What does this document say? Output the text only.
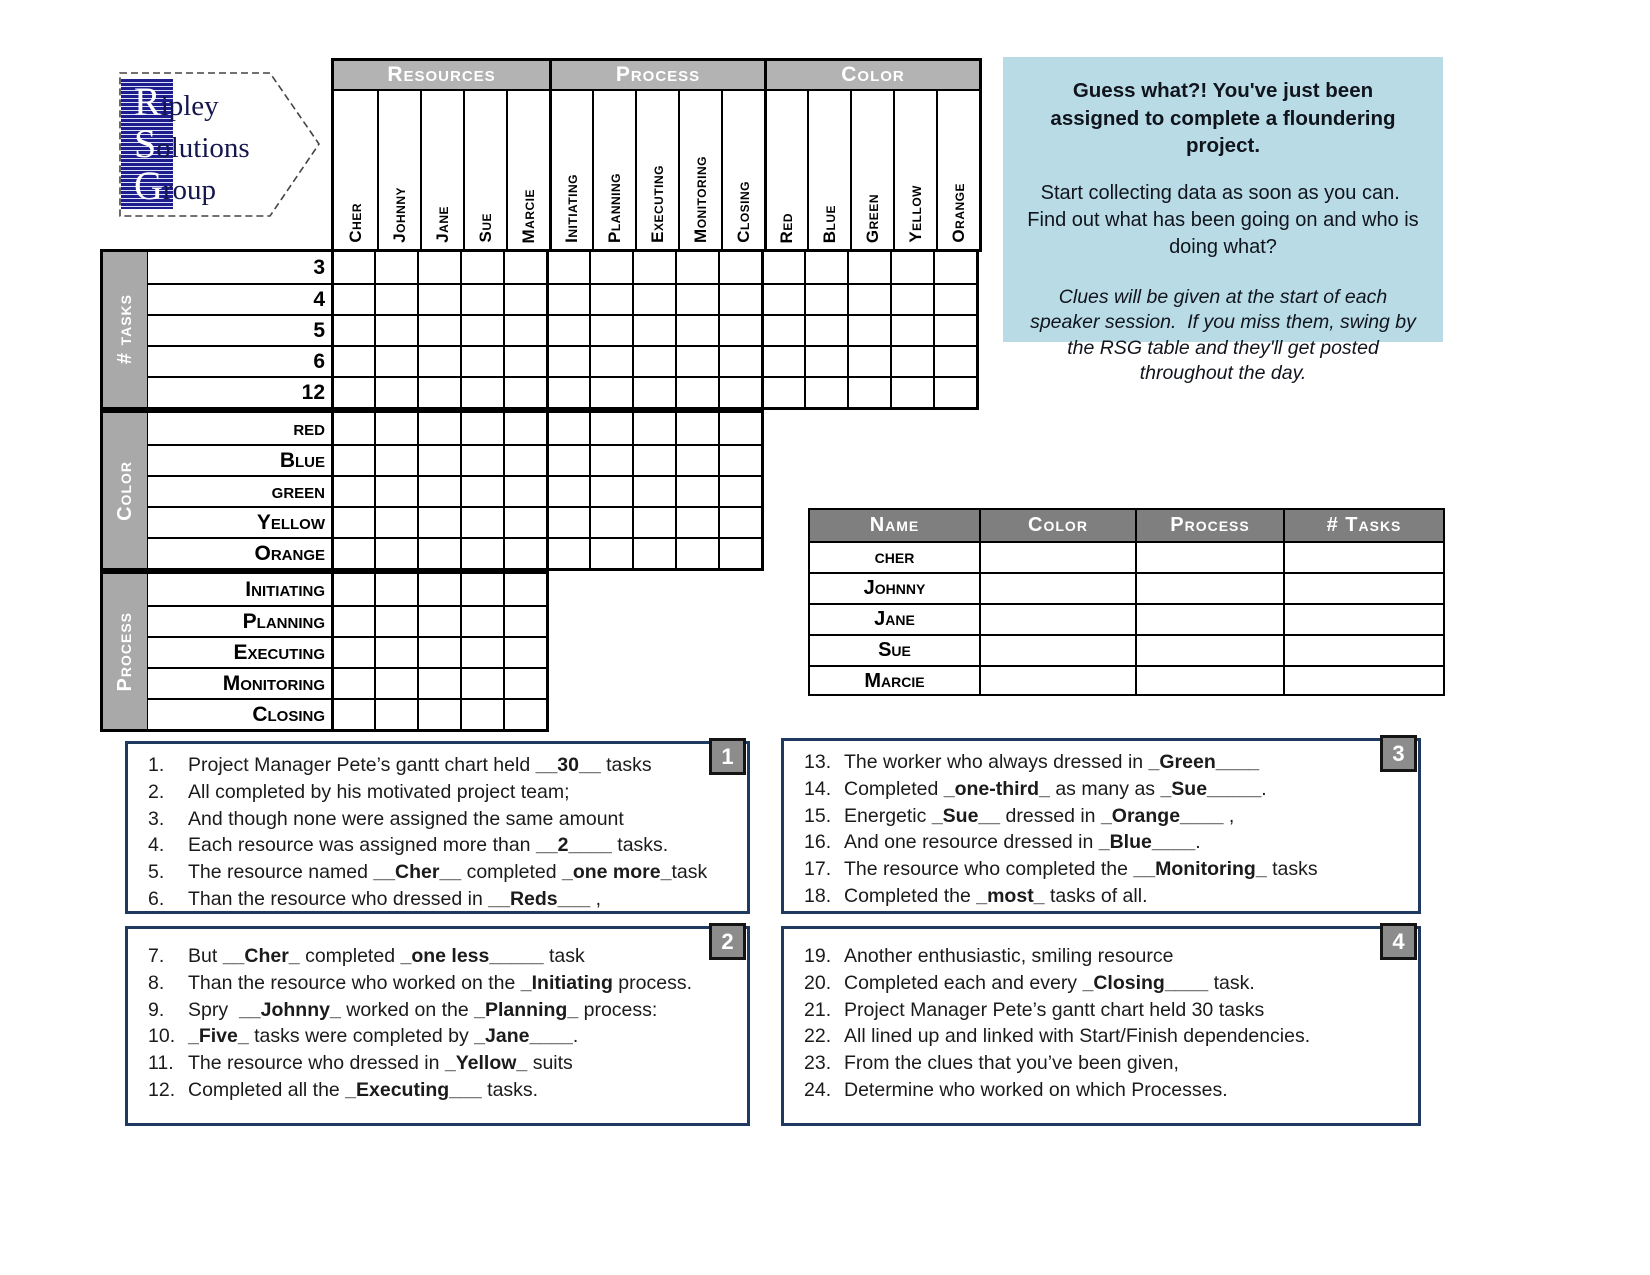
Ripley
Solutions
Group
Resources	Process	Color
Cher Johnny Jane Sue Marcie Initiating Planning Executing Monitoring Closing Red Blue Green Yellow Orange
# tasks
3
4
5
6
12
Color
red
Blue
green
Yellow
Orange
Process
Initiating
Planning
Executing
Monitoring
Closing
Guess what?! You've just been assigned to complete a floundering project.
Start collecting data as soon as you can.  Find out what has been going on and who is doing what?
Clues will be given at the start of each speaker session.  If you miss them, swing by the RSG table and they'll get posted throughout the day.
Name	Color	Process	# Tasks
cher
Johnny
Jane
Sue
Marcie
1
1.	Project Manager Pete’s gantt chart held __30__ tasks
2.	All completed by his motivated project team;
3.	And though none were assigned the same amount
4.	Each resource was assigned more than __2____ tasks.
5.	The resource named __Cher__ completed _one more_task
6.	Than the resource who dressed in __Reds___ ,
2
7.	But __Cher_ completed _one less_____ task
8.	Than the resource who worked on the _Initiating process.
9.	Spry  __Johnny_ worked on the _Planning_ process:
10. _Five_ tasks were completed by _Jane____.
11. The resource who dressed in _Yellow_ suits
12. Completed all the _Executing___ tasks.
3
13. The worker who always dressed in _Green____
14. Completed _one-third_ as many as _Sue_____.
15. Energetic _Sue__ dressed in _Orange____ ,
16. And one resource dressed in _Blue____.
17. The resource who completed the __Monitoring_ tasks
18. Completed the _most_ tasks of all.
4
19. Another enthusiastic, smiling resource
20. Completed each and every _Closing____ task.
21. Project Manager Pete’s gantt chart held 30 tasks
22. All lined up and linked with Start/Finish dependencies.
23. From the clues that you’ve been given,
24. Determine who worked on which Processes.
